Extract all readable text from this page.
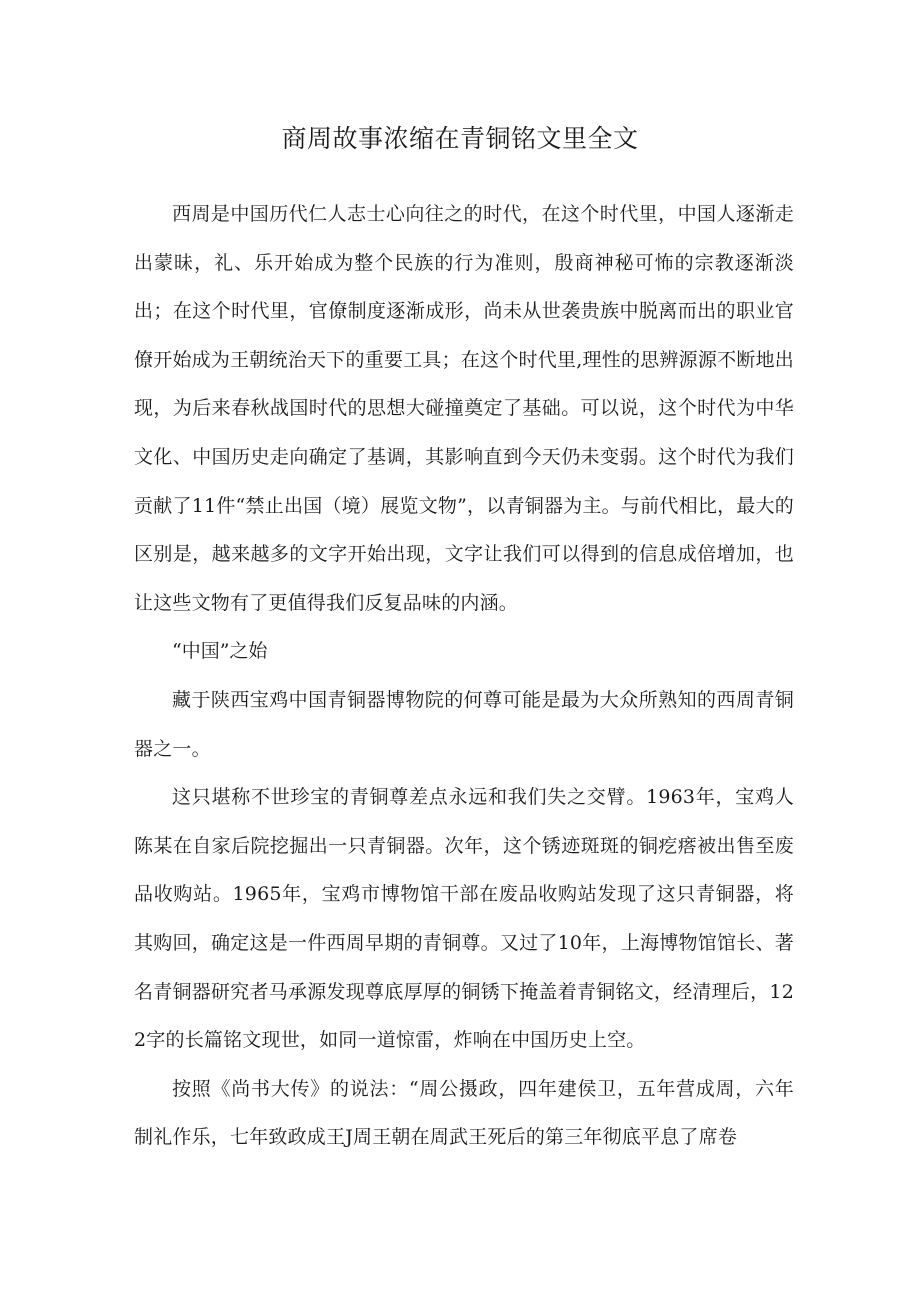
商周故事浓缩在青铜铭文里全文

西周是中国历代仁人志士心向往之的时代，在这个时代里，中国人逐渐走出蒙昧，礼、乐开始成为整个民族的行为准则，殷商神秘可怖的宗教逐渐淡出；在这个时代里，官僚制度逐渐成形，尚未从世袭贵族中脱离而出的职业官僚开始成为王朝统治天下的重要工具；在这个时代里,理性的思辨源源不断地出现，为后来春秋战国时代的思想大碰撞奠定了基础。可以说，这个时代为中华文化、中国历史走向确定了基调，其影响直到今天仍未变弱。这个时代为我们贡献了11件“禁止出国（境）展览文物”，以青铜器为主。与前代相比，最大的区别是，越来越多的文字开始出现，文字让我们可以得到的信息成倍增加，也让这些文物有了更值得我们反复品味的内涵。

“中国”之始

藏于陕西宝鸡中国青铜器博物院的何尊可能是最为大众所熟知的西周青铜器之一。

这只堪称不世珍宝的青铜尊差点永远和我们失之交臂。1963年，宝鸡人陈某在自家后院挖掘出一只青铜器。次年，这个锈迹斑斑的铜疙瘩被出售至废品收购站。1965年，宝鸡市博物馆干部在废品收购站发现了这只青铜器，将其购回，确定这是一件西周早期的青铜尊。又过了10年，上海博物馆馆长、著名青铜器研究者马承源发现尊底厚厚的铜锈下掩盖着青铜铭文，经清理后，122字的长篇铭文现世，如同一道惊雷，炸响在中国历史上空。

按照《尚书大传》的说法：“周公摄政，四年建侯卫，五年营成周，六年制礼作乐，七年致政成王J周王朝在周武王死后的第三年彻底平息了席卷
